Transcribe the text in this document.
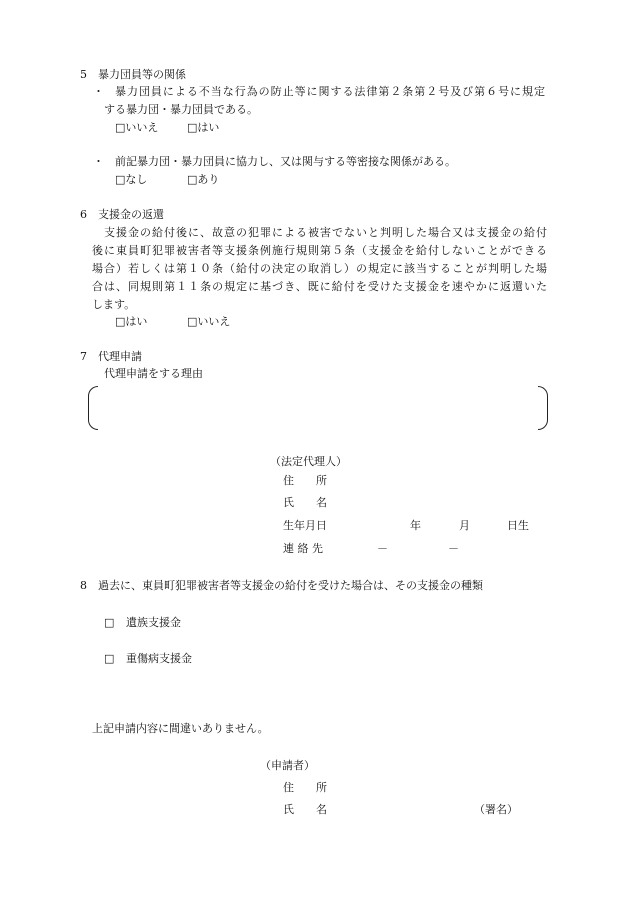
5　暴力団員等の関係
・ 暴力団員による不当な行為の防止等に関する法律第２条第２号及び第６号に規定
する暴力団・暴力団員である。
□いいえ	□はい
・ 前記暴力団・暴力団員に協力し、又は関与する等密接な関係がある。
□なし	□あり
6　支援金の返還
支援金の給付後に、故意の犯罪による被害でないと判明した場合又は支援金の給付
後に東員町犯罪被害者等支援条例施行規則第５条（支援金を給付しないことができる
場合）若しくは第１０条（給付の決定の取消し）の規定に該当することが判明した場
合は、同規則第１１条の規定に基づき、既に給付を受けた支援金を速やかに返還いた
します。
□はい	□いいえ
7　代理申請
代理申請をする理由
（法定代理人）
住　　所
氏　　名
生年月日	年	月	日生
連 絡 先	－	－
8　過去に、東員町犯罪被害者等支援金の給付を受けた場合は、その支援金の種類
□ 遺族支援金
□ 重傷病支援金
上記申請内容に間違いありません。
（申請者）
住　　所
氏　　名	（署名）
